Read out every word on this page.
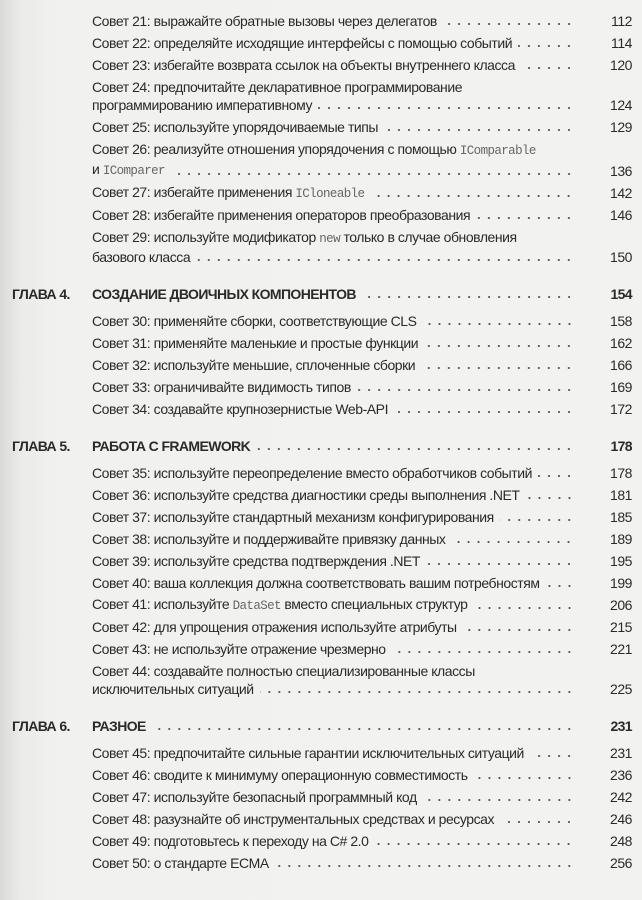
Совет 21: выражайте обратные вызовы через делегатов	112
Совет 22: определяйте исходящие интерфейсы с помощью событий	114
Совет 23: избегайте возврата ссылок на объекты внутреннего класса	120
Совет 24: предпочитайте декларативное программирование
программированию императивному	124
Совет 25: используйте упорядочиваемые типы	129
Совет 26: реализуйте отношения упорядочения с помощью IComparable
и IComparer	136
Совет 27: избегайте применения ICloneable	142
Совет 28: избегайте применения операторов преобразования	146
Совет 29: используйте модификатор new только в случае обновления
базового класса	150
ГЛАВА 4.	СОЗДАНИЕ ДВОИЧНЫХ КОМПОНЕНТОВ	154
Совет 30: применяйте сборки, соответствующие CLS	158
Совет 31: применяйте маленькие и простые функции	162
Совет 32: используйте меньшие, сплоченные сборки	166
Совет 33: ограничивайте видимость типов	169
Совет 34: создавайте крупнозернистые Web-API	172
ГЛАВА 5.	РАБОТА С FRAMEWORK	178
Совет 35: используйте переопределение вместо обработчиков событий	178
Совет 36: используйте средства диагностики среды выполнения .NET	181
Совет 37: используйте стандартный механизм конфигурирования	185
Совет 38: используйте и поддерживайте привязку данных	189
Совет 39: используйте средства подтверждения .NET	195
Совет 40: ваша коллекция должна соответствовать вашим потребностям	199
Совет 41: используйте DataSet вместо специальных структур	206
Совет 42: для упрощения отражения используйте атрибуты	215
Совет 43: не используйте отражение чрезмерно	221
Совет 44: создавайте полностью специализированные классы
исключительных ситуаций	225
ГЛАВА 6.	РАЗНОЕ	231
Совет 45: предпочитайте сильные гарантии исключительных ситуаций	231
Совет 46: сводите к минимуму операционную совместимость	236
Совет 47: используйте безопасный программный код	242
Совет 48: разузнайте об инструментальных средствах и ресурсах	246
Совет 49: подготовьтесь к переходу на C# 2.0	248
Совет 50: о стандарте ECMA	256
